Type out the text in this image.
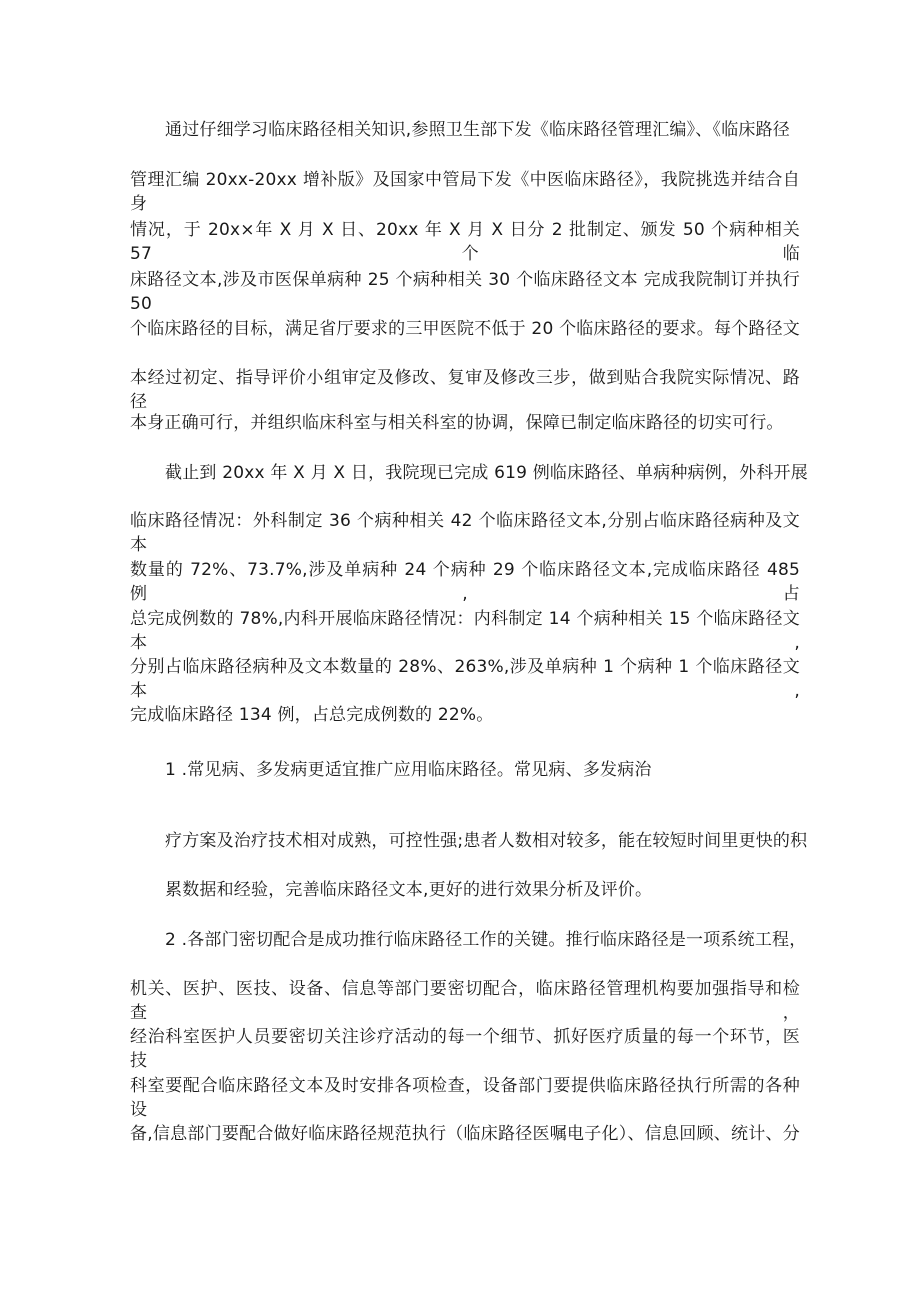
通过仔细学习临床路径相关知识,参照卫生部下发《临床路径管理汇编》、《临床路径
管理汇编 20xx-20xx 增补版》及国家中管局下发《中医临床路径》，我院挑选并结合自身
情况，于 20x×年 X 月 X 日、20xx 年 X 月 X 日分 2 批制定、颁发 50 个病种相关 57 个临
床路径文本,涉及市医保单病种 25 个病种相关 30 个临床路径文本 完成我院制订并执行 50
个临床路径的目标，满足省厅要求的三甲医院不低于 20 个临床路径的要求。每个路径文
本经过初定、指导评价小组审定及修改、复审及修改三步，做到贴合我院实际情况、路径
本身正确可行，并组织临床科室与相关科室的协调，保障已制定临床路径的切实可行。
截止到 20xx 年 X 月 X 日，我院现已完成 619 例临床路径、单病种病例，外科开展
临床路径情况：外科制定 36 个病种相关 42 个临床路径文本,分别占临床路径病种及文本
数量的 72%、73.7%,涉及单病种 24 个病种 29 个临床路径文本,完成临床路径 485 例,占
总完成例数的 78%,内科开展临床路径情况：内科制定 14 个病种相关 15 个临床路径文本,
分别占临床路径病种及文本数量的 28%、263%,涉及单病种 1 个病种 1 个临床路径文本,
完成临床路径 134 例，占总完成例数的 22%。
1 .常见病、多发病更适宜推广应用临床路径。常见病、多发病治
疗方案及治疗技术相对成熟，可控性强;患者人数相对较多，能在较短时间里更快的积
累数据和经验，完善临床路径文本,更好的进行效果分析及评价。
2 .各部门密切配合是成功推行临床路径工作的关键。推行临床路径是一项系统工程，
机关、医护、医技、设备、信息等部门要密切配合，临床路径管理机构要加强指导和检查，
经治科室医护人员要密切关注诊疗活动的每一个细节、抓好医疗质量的每一个环节，医技
科室要配合临床路径文本及时安排各项检查，设备部门要提供临床路径执行所需的各种设
备,信息部门要配合做好临床路径规范执行（临床路径医嘱电子化）、信息回顾、统计、分
